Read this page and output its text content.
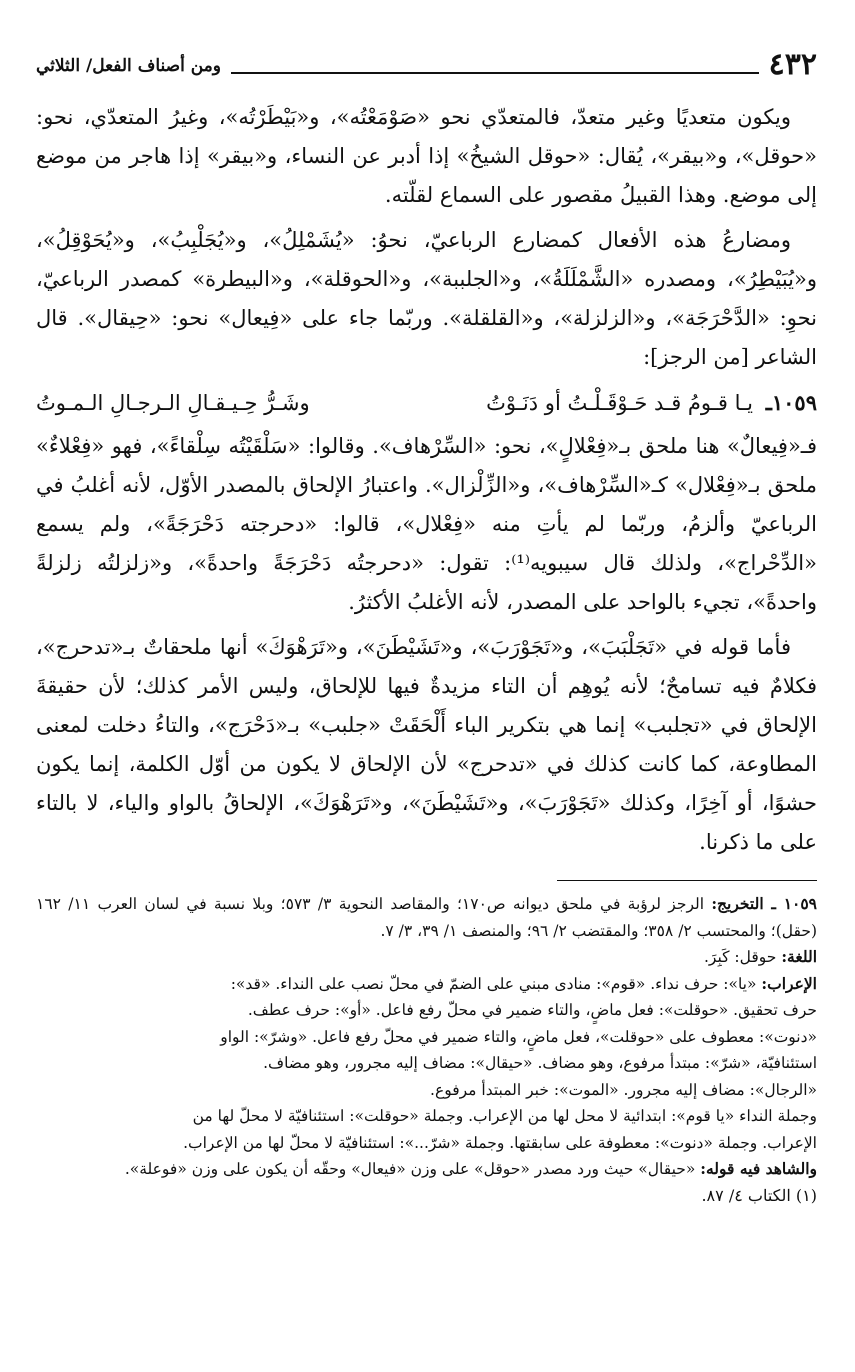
٤٣٢
ومن أصناف الفعل/ الثلاثي

ويكون متعديًا وغير متعدّ، فالمتعدّي نحو «صَوْمَعْتُه»، و«بَيْطَرْتُه»، وغيرُ المتعدّي، نحو: «حوقل»، و«بيقر»، يُقال: «حوقل الشيخُ» إذا أدبر عن النساء، و«بيقر» إذا هاجر من موضع إلى موضع. وهذا القبيلُ مقصور على السماع لقلّته.

ومضارعُ هذه الأفعال كمضارع الرباعيّ، نحوُ: «يُشَمْلِلُ»، و«يُجَلْبِبُ»، و«يُحَوْقِلُ»، و«يُبَيْطِرُ»، ومصدره «الشَّمْلَلَةُ»، و«الجلببة»، و«الحوقلة»، و«البيطرة» كمصدر الرباعيّ، نحوِ: «الدَّحْرَجَة»، و«الزلزلة»، و«القلقلة». وربّما جاء على «فِيعال» نحو: «حِيقال». قال الشاعر [من الرجز]:

١٠٥٩ـ يـا قـومُ قـد حَـوْقَـلْـتُ أو دَنَـوْتُ
وشَـرُّ حِـيـقـالِ الـرجـالِ الـمـوتُ

فـ«فِيعالٌ» هنا ملحق بـ«فِعْلالٍ»، نحو: «السِّرْهاف». وقالوا: «سَلْقَيْتُه سِلْقاءً»، فهو «فِعْلاءٌ» ملحق بـ«فِعْلال» كـ«السِّرْهاف»، و«الزِّلْزال». واعتبارُ الإلحاق بالمصدر الأوّل، لأنه أغلبُ في الرباعيّ وألزمُ، وربّما لم يأتِ منه «فِعْلال»، قالوا: «دحرجته دَحْرَجَةً»، ولم يسمع «الدِّحْراج»، ولذلك قال سيبويه⁽¹⁾: تقول: «دحرجتُه دَحْرَجَةً واحدةً»، و«زلزلتُه زلزلةً واحدةً»، تجيء بالواحد على المصدر، لأنه الأغلبُ الأكثرُ.

فأما قوله في «تَجَلْبَبَ»، و«تَجَوْرَبَ»، و«تَشَيْطَنَ»، و«تَرَهْوَكَ» أنها ملحقاتٌ بـ«تدحرج»، فكلامٌ فيه تسامحٌ؛ لأنه يُوهِم أن التاء مزيدةٌ فيها للإلحاق، وليس الأمر كذلك؛ لأن حقيقةَ الإلحاق في «تجلبب» إنما هي بتكرير الباء أَلْحَقَتْ «جلبب» بـ«دَحْرَج»، والتاءُ دخلت لمعنى المطاوعة، كما كانت كذلك في «تدحرج» لأن الإلحاق لا يكون من أوّل الكلمة، إنما يكون حشوًا، أو آخِرًا، وكذلك «تَجَوْرَبَ»، و«تَشَيْطَنَ»، و«تَرَهْوَكَ»، الإلحاقُ بالواو والياء، لا بالتاء على ما ذكرنا.

١٠٥٩ ـ التخريج: الرجز لرؤبة في ملحق ديوانه ص١٧٠؛ والمقاصد النحوية ٣/ ٥٧٣؛ وبلا نسبة في لسان العرب ١١/ ١٦٢ (حقل)؛ والمحتسب ٢/ ٣٥٨؛ والمقتضب ٢/ ٩٦؛ والمنصف ١/ ٣٩، ٣/ ٧.

اللغة: حوقل: كَبِرَ.

الإعراب: «يا»: حرف نداء. «قوم»: منادى مبني على الضمّ في محلّ نصب على النداء. «قد»:

حرف تحقيق. «حوقلت»: فعل ماضٍ، والتاء ضمير في محلّ رفع فاعل. «أو»: حرف عطف.

«دنوت»: معطوف على «حوقلت»، فعل ماضٍ، والتاء ضمير في محلّ رفع فاعل. «وشرّ»: الواو

استئنافيّة، «شرّ»: مبتدأ مرفوع، وهو مضاف. «حيقال»: مضاف إليه مجرور، وهو مضاف.

«الرجال»: مضاف إليه مجرور. «الموت»: خبر المبتدأ مرفوع.

وجملة النداء «يا قوم»: ابتدائية لا محل لها من الإعراب. وجملة «حوقلت»: استئنافيّة لا محلّ لها من

الإعراب. وجملة «دنوت»: معطوفة على سابقتها. وجملة «شرّ...»: استئنافيّة لا محلّ لها من الإعراب.

والشاهد فيه قوله: «حيقال» حيث ورد مصدر «حوقل» على وزن «فيعال» وحقّه أن يكون على وزن «فوعلة».

(١) الكتاب ٤/ ٨٧.
